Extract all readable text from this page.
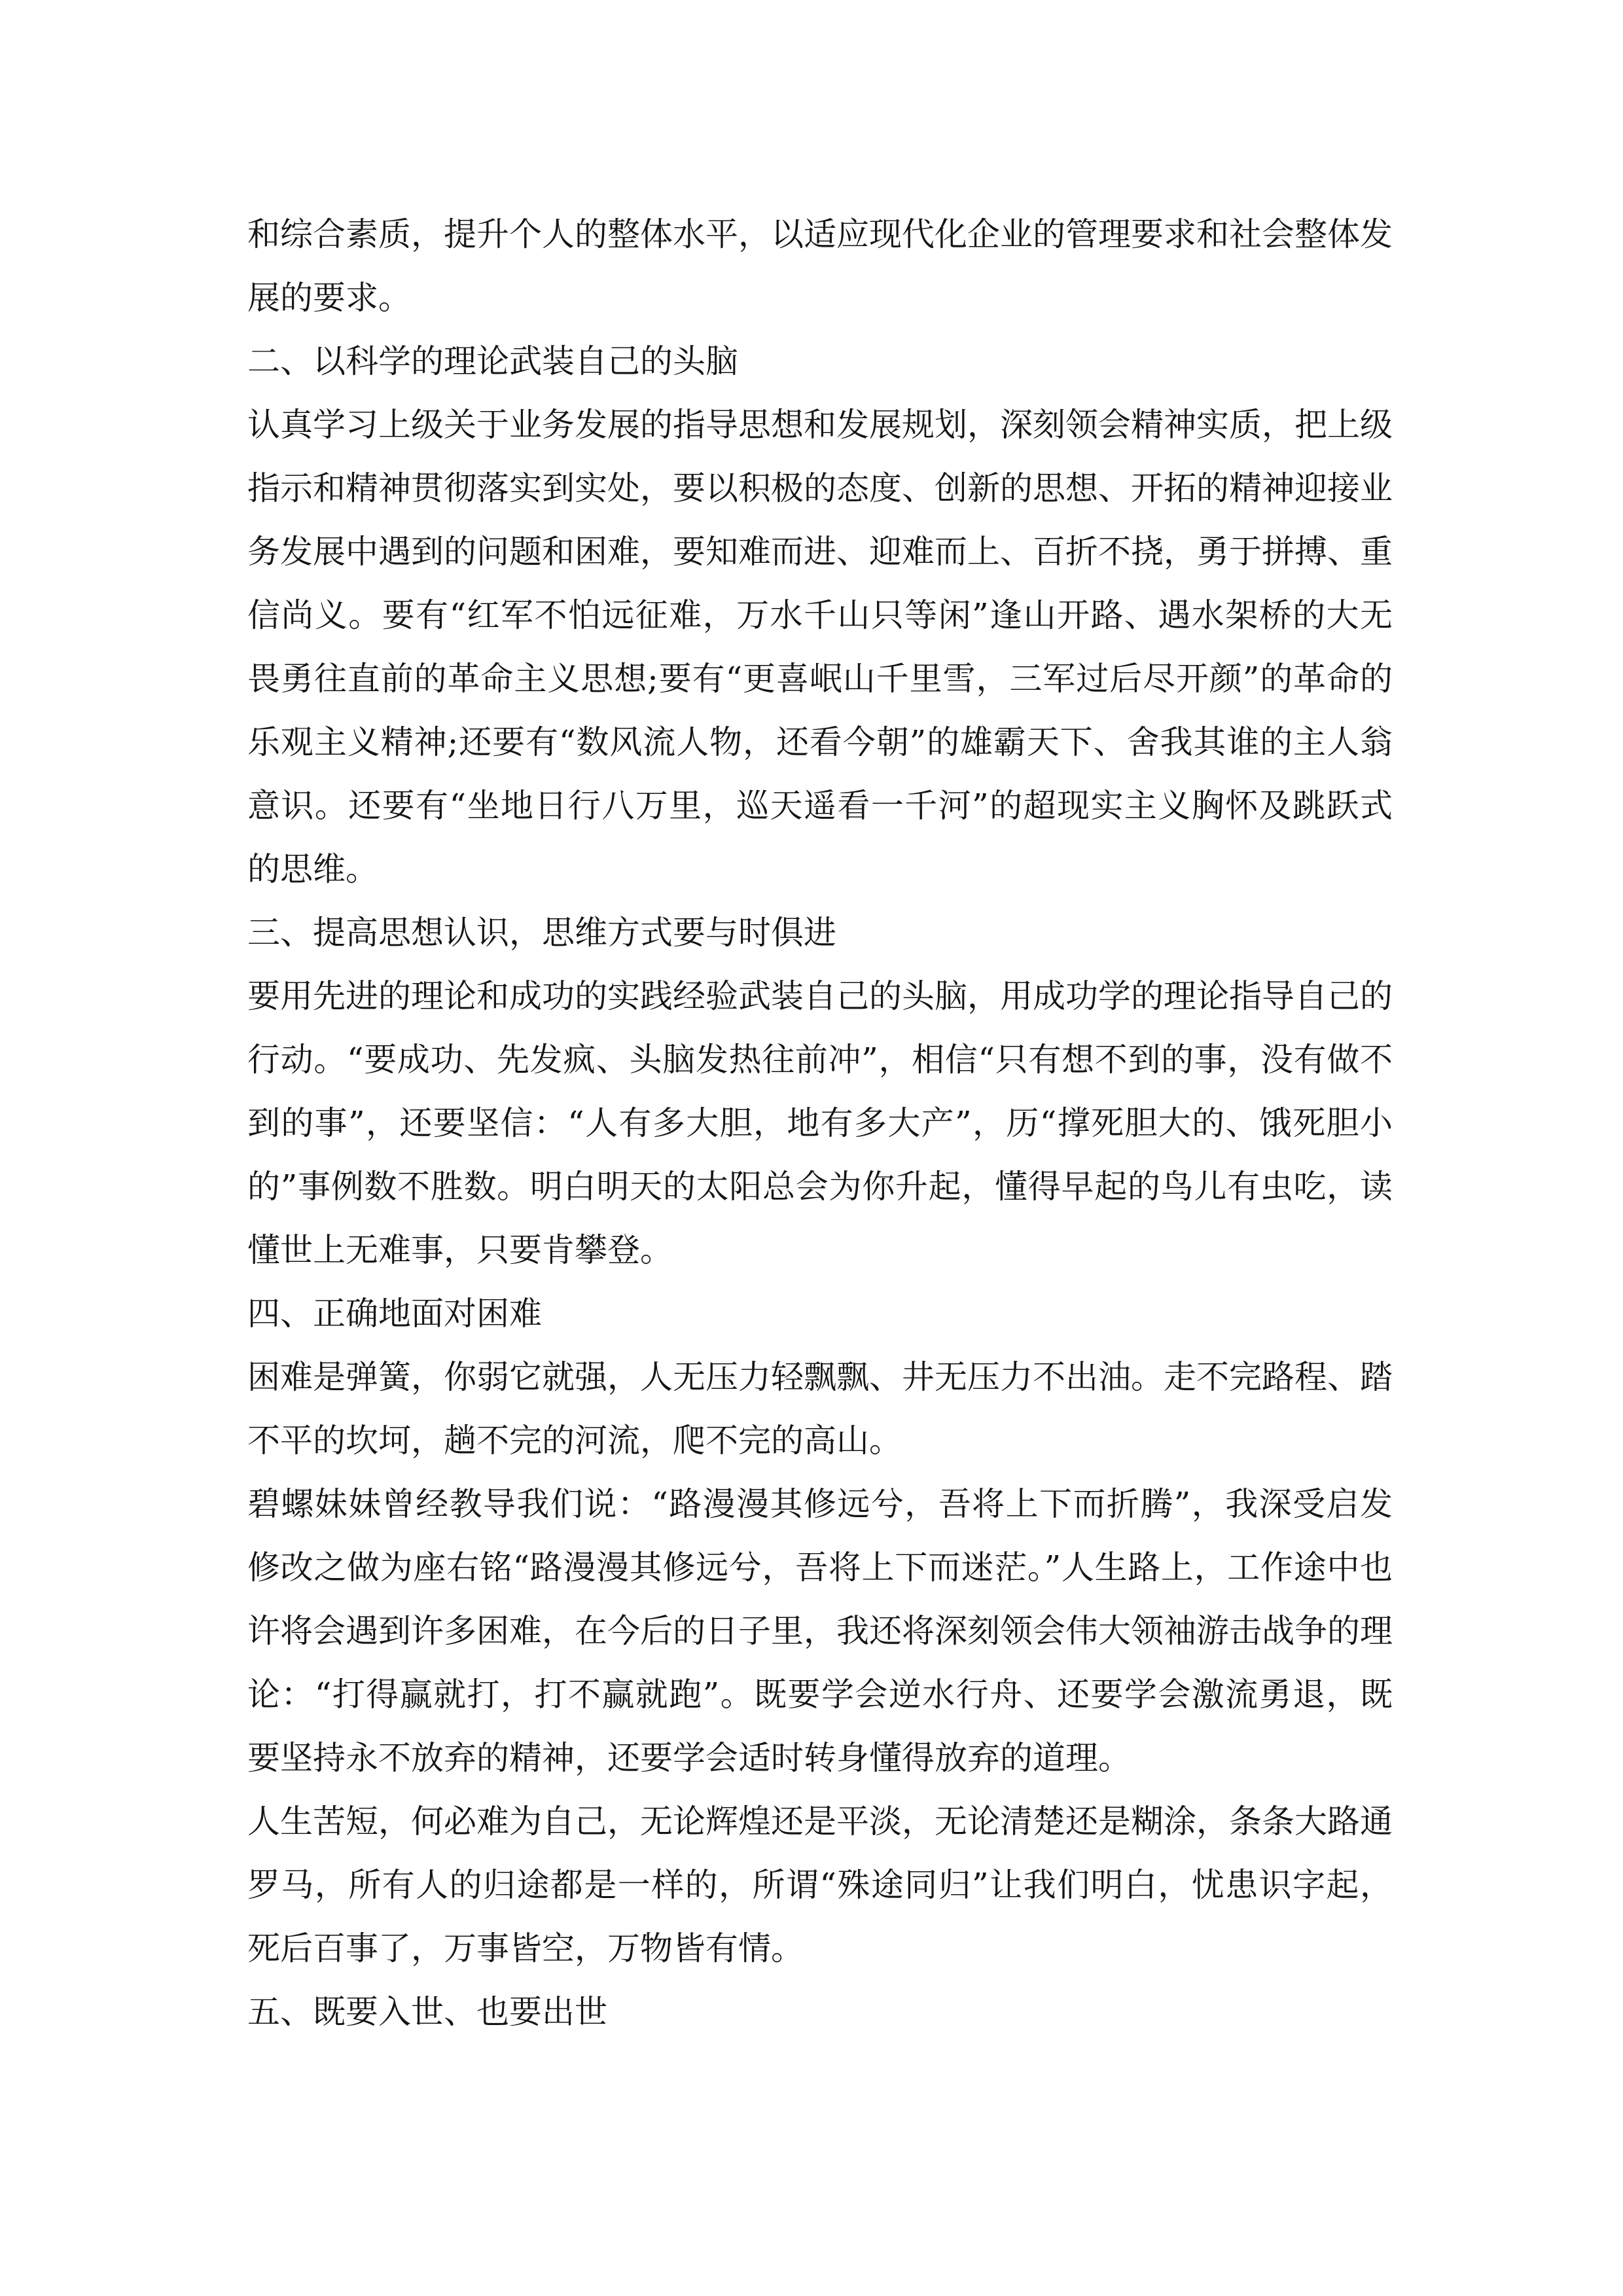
和综合素质，提升个人的整体水平，以适应现代化企业的管理要求和社会整体发展的要求。

二、以科学的理论武装自己的头脑

认真学习上级关于业务发展的指导思想和发展规划，深刻领会精神实质，把上级指示和精神贯彻落实到实处，要以积极的态度、创新的思想、开拓的精神迎接业务发展中遇到的问题和困难，要知难而进、迎难而上、百折不挠，勇于拼搏、重信尚义。要有“红军不怕远征难，万水千山只等闲”逢山开路、遇水架桥的大无畏勇往直前的革命主义思想;要有“更喜岷山千里雪，三军过后尽开颜”的革命的乐观主义精神;还要有“数风流人物，还看今朝”的雄霸天下、舍我其谁的主人翁意识。还要有“坐地日行八万里，巡天遥看一千河”的超现实主义胸怀及跳跃式的思维。

三、提高思想认识，思维方式要与时俱进

要用先进的理论和成功的实践经验武装自己的头脑，用成功学的理论指导自己的行动。“要成功、先发疯、头脑发热往前冲”，相信“只有想不到的事，没有做不到的事”，还要坚信：“人有多大胆，地有多大产”，历“撑死胆大的、饿死胆小的”事例数不胜数。明白明天的太阳总会为你升起，懂得早起的鸟儿有虫吃，读懂世上无难事，只要肯攀登。

四、正确地面对困难

困难是弹簧，你弱它就强，人无压力轻飘飘、井无压力不出油。走不完路程、踏不平的坎坷，趟不完的河流，爬不完的高山。

碧螺妹妹曾经教导我们说：“路漫漫其修远兮，吾将上下而折腾”，我深受启发修改之做为座右铭“路漫漫其修远兮，吾将上下而迷茫。”人生路上，工作途中也许将会遇到许多困难，在今后的日子里，我还将深刻领会伟大领袖游击战争的理论：“打得赢就打，打不赢就跑”。既要学会逆水行舟、还要学会激流勇退，既要坚持永不放弃的精神，还要学会适时转身懂得放弃的道理。

人生苦短，何必难为自己，无论辉煌还是平淡，无论清楚还是糊涂，条条大路通罗马，所有人的归途都是一样的，所谓“殊途同归”让我们明白，忧患识字起，死后百事了，万事皆空，万物皆有情。

五、既要入世、也要出世
